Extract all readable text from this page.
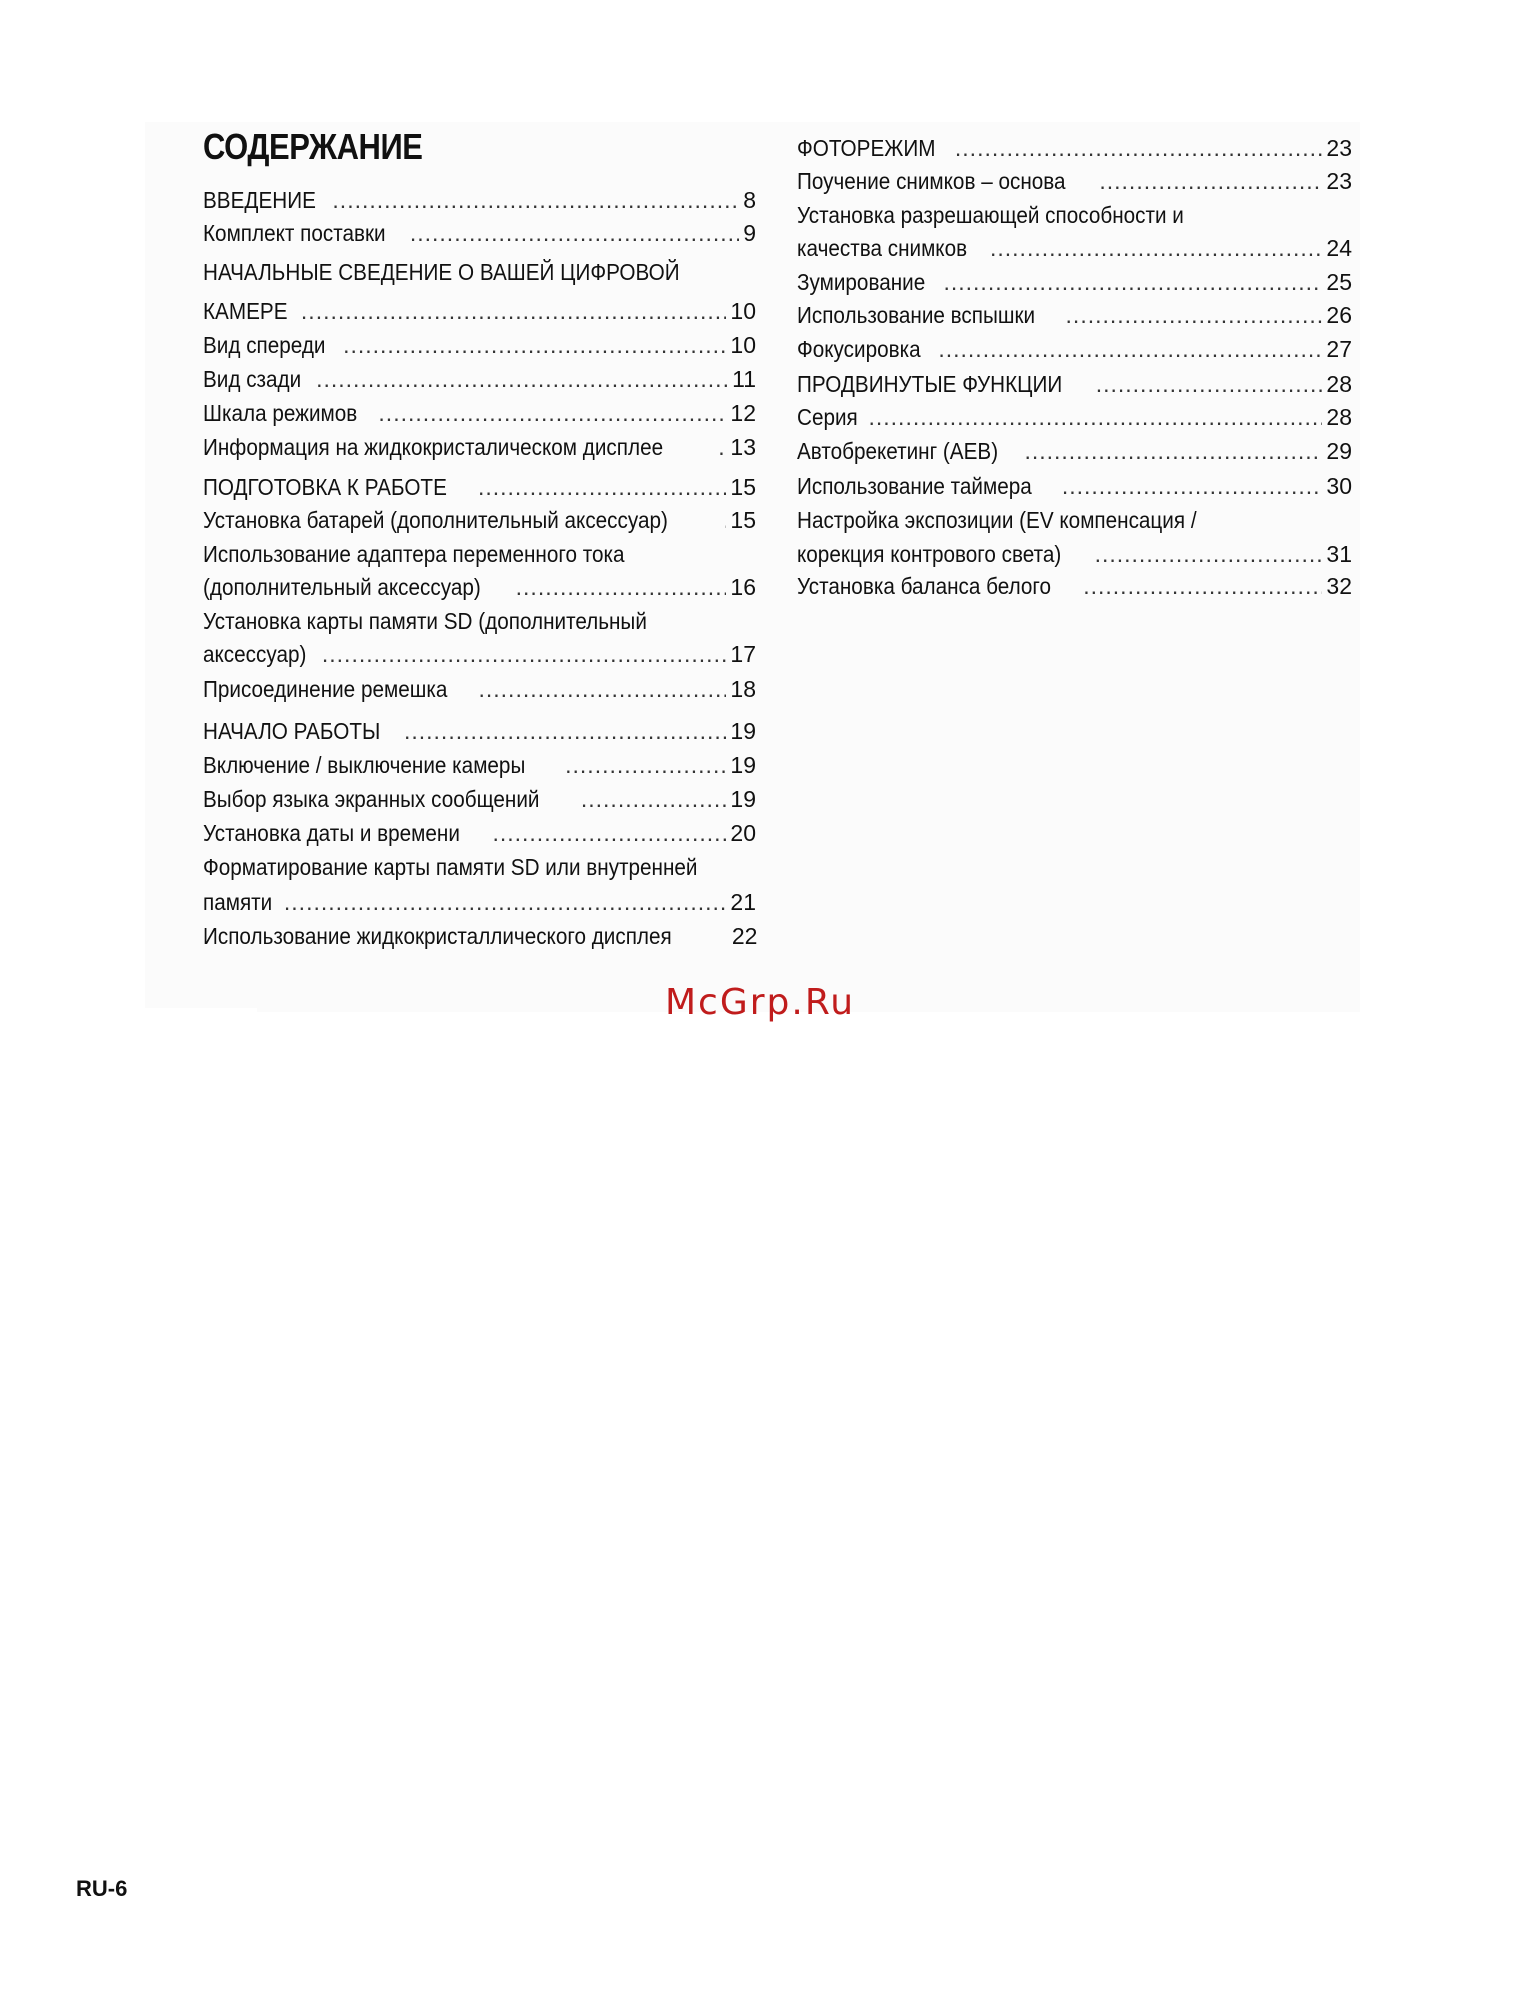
СОДЕРЖАНИЕ
ВВЕДЕНИЕ .....	8
Комплект поставки .....	9
НАЧАЛЬНЫЕ СВЕДЕНИЕ О ВАШЕЙ ЦИФРОВОЙ
КАМЕРЕ .....	10
Вид спереди .....	10
Вид сзади .....	11
Шкала режимов .....	12
Информация на жидкокристалическом дисплее .....	13
ПОДГОТОВКА К РАБОТЕ .....	15
Установка батарей (дополнительный аксессуар) .....	15
Использование адаптера переменного тока
(дополнительный аксессуар) .....	16
Установка карты памяти SD (дополнительный
аксессуар) .....	17
Присоединение ремешка .....	18
НАЧАЛО РАБОТЫ .....	19
Включение / выключение камеры .....	19
Выбор языка экранных сообщений .....	19
Установка даты и времени .....	20
Форматирование карты памяти SD или внутренней
памяти .....	21
Использование жидкокристаллического дисплея	22
ФОТОРЕЖИМ .....	23
Поучение снимков – основа .....	23
Установка разрешающей способности и
качества снимков .....	24
Зумирование .....	25
Использование вспышки .....	26
Фокусировка .....	27
ПРОДВИНУТЫЕ ФУНКЦИИ .....	28
Серия .....	28
Автобрекетинг (AEB) .....	29
Использование таймера .....	30
Настройка экспозиции (EV компенсация /
корекция контрового света) .....	31
Установка баланса белого .....	32
McGrp.Ru
RU-6
